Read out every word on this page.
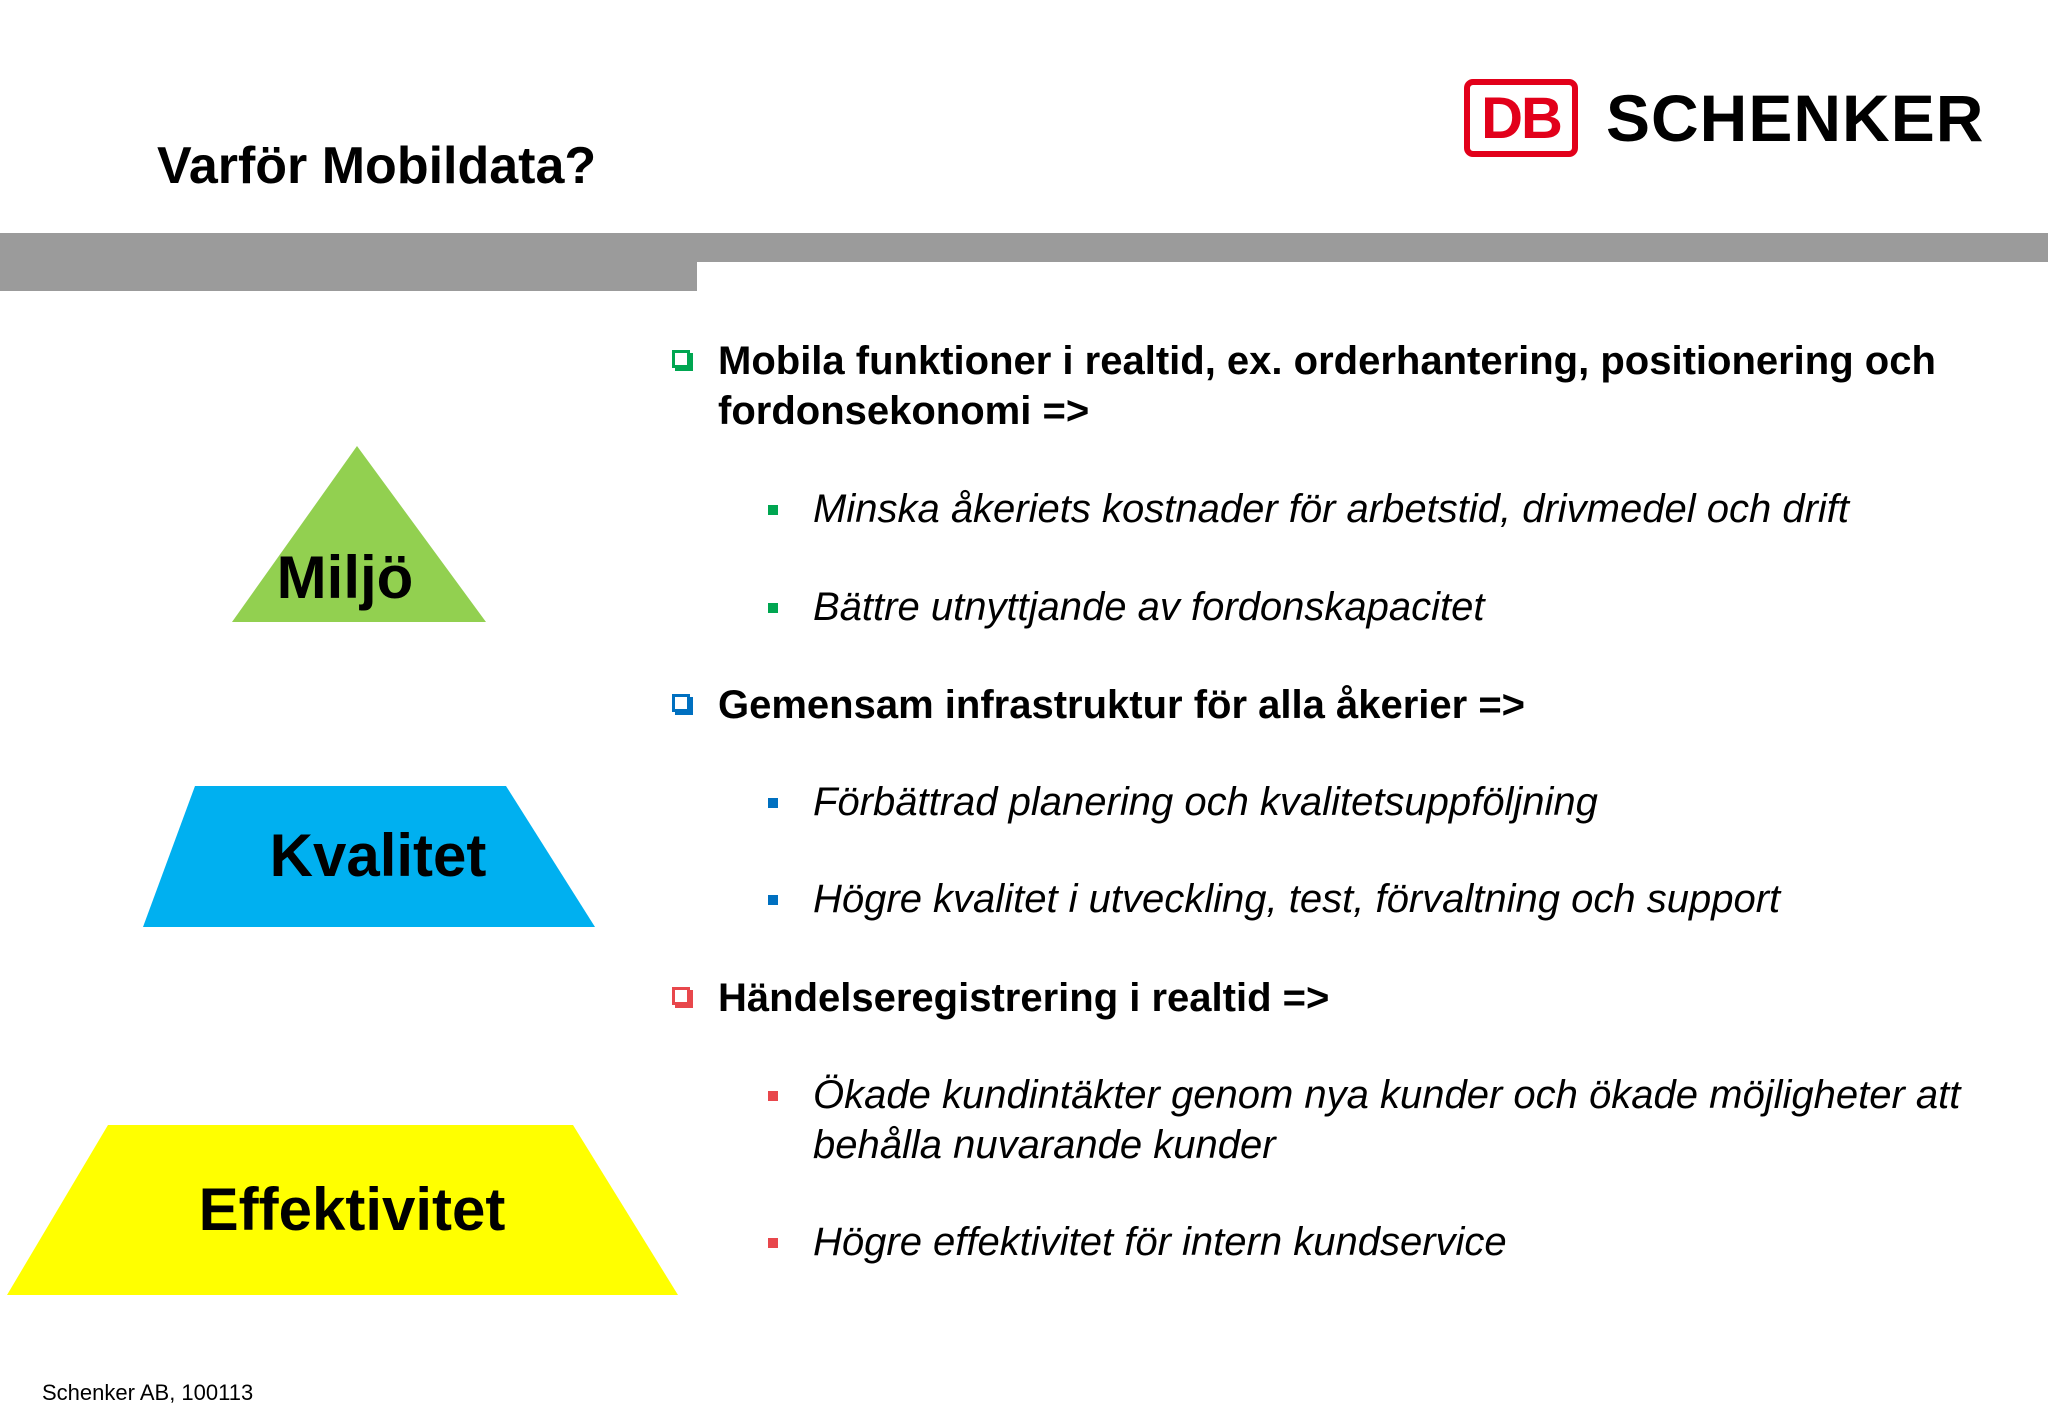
Varför Mobildata?
DB SCHENKER
Miljö
Kvalitet
Effektivitet
Mobila funktioner i realtid, ex. orderhantering, positionering och fordonsekonomi =>
Minska åkeriets kostnader för arbetstid, drivmedel och drift
Bättre utnyttjande av fordonskapacitet
Gemensam infrastruktur för alla åkerier =>
Förbättrad planering och kvalitetsuppföljning
Högre kvalitet i utveckling, test, förvaltning och support
Händelseregistrering i realtid =>
Ökade kundintäkter genom nya kunder och ökade möjligheter att behålla nuvarande kunder
Högre effektivitet för intern kundservice
Schenker AB, 100113
